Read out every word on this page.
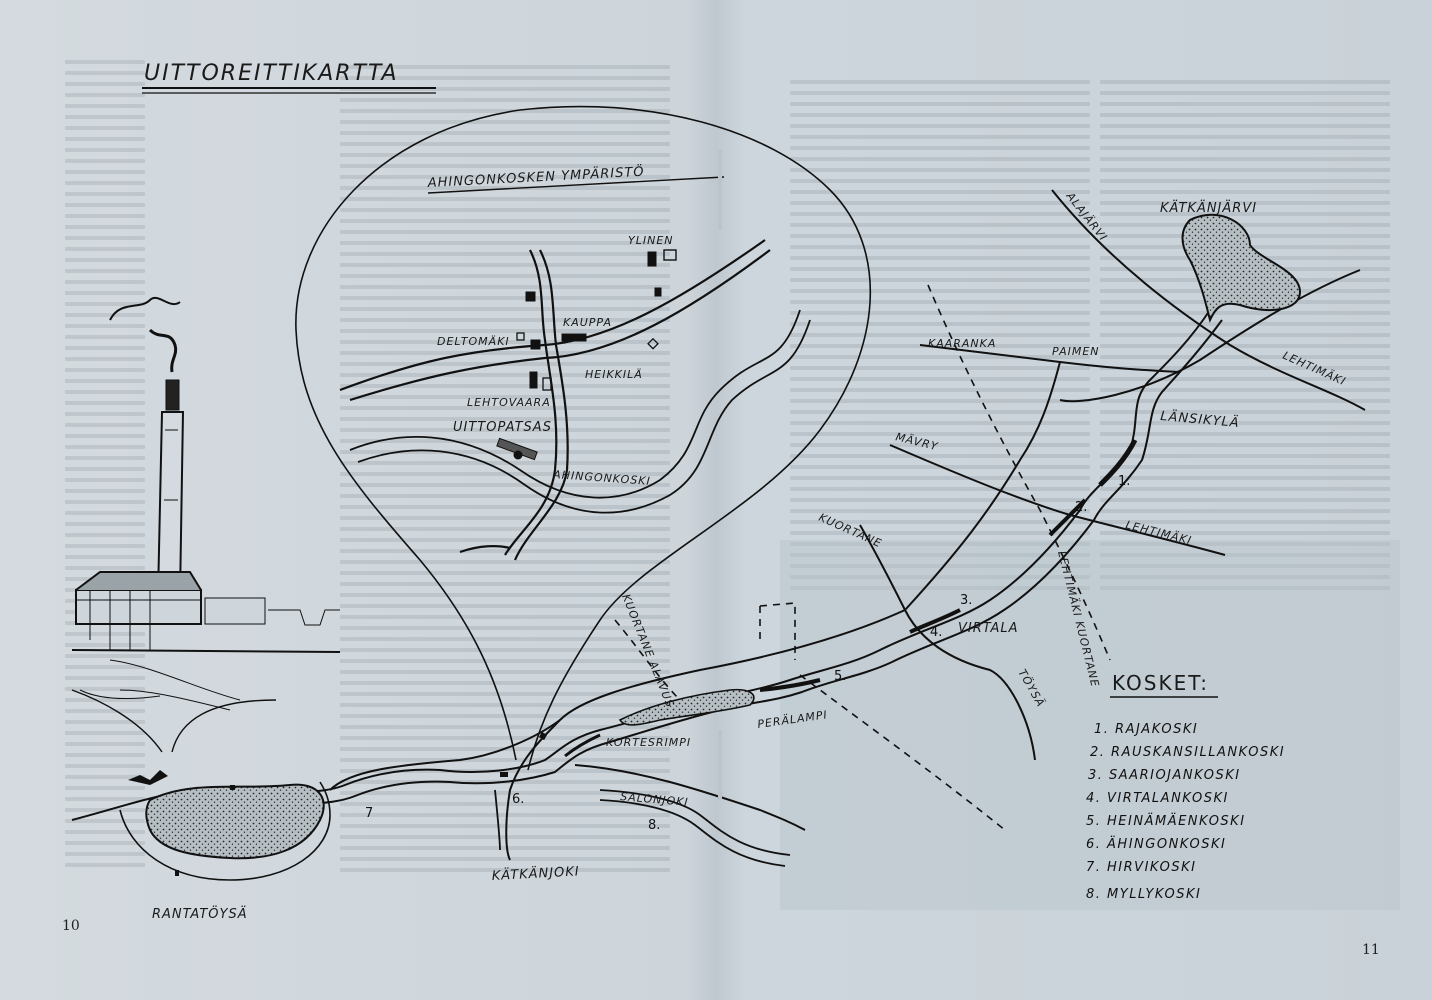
10
11
UITTOREITTIKARTTA
AHINGONKOSKEN YMPÄRISTÖ
YLINEN
KAUPPA
DELTOMÄKI
HEIKKILÄ
LEHTOVAARA
UITTOPATSAS
AHINGONKOSKI
KÄTKÄNJÄRVI
ALAJÄRVI
LEHTIMÄKI
KAARANKA
PAIMEN
LÄNSIKYLÄ
MÄVRY
LEHTIMÄKI
KUORTANE
LEHTIMÄKI KUORTANE
VIRTALA
TÖYSÄ
KUORTANE ALAVUS
PERÄLAMPI
KORTESRIMPI
SALONJOKI
KÄTKÄNJOKI
RANTATÖYSÄ
1.
2.
3.
4.
5.
6.
7
8.
KOSKET:
1. RAJAKOSKI
2. RAUSKANSILLANKOSKI
3. SAARIOJANKOSKI
4. VIRTALANKOSKI
5. HEINÄMÄENKOSKI
6. ÄHINGONKOSKI
7. HIRVIKOSKI
8. MYLLYKOSKI
